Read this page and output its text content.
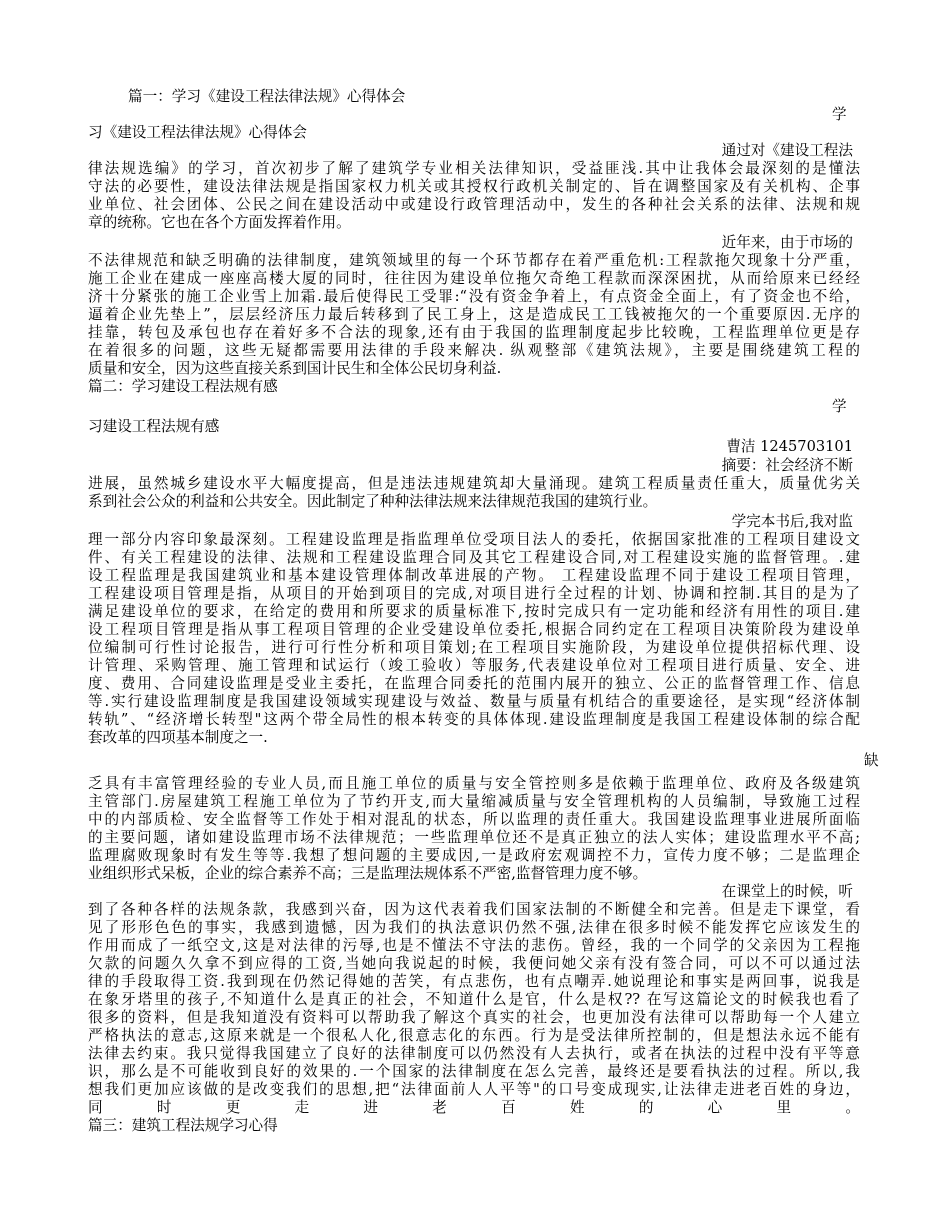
篇一：学习《建设工程法律法规》心得体会
学
习《建设工程法律法规》心得体会
通过对《建设工程法
律法规选编》的学习，首次初步了解了建筑学专业相关法律知识，受益匪浅.其中让我体会最深刻的是懂法
守法的必要性，建设法律法规是指国家权力机关或其授权行政机关制定的、旨在调整国家及有关机构、企事
业单位、社会团体、公民之间在建设活动中或建设行政管理活动中，发生的各种社会关系的法律、法规和规
章的统称。它也在各个方面发挥着作用。
近年来，由于市场的
不法律规范和缺乏明确的法律制度，建筑领域里的每一个环节都存在着严重危机:工程款拖欠现象十分严重，
施工企业在建成一座座高楼大厦的同时，往往因为建设单位拖欠奇绝工程款而深深困扰，从而给原来已经经
济十分紧张的施工企业雪上加霜.最后使得民工受罪:“没有资金争着上，有点资金全面上，有了资金也不给，
逼着企业先垫上”，层层经济压力最后转移到了民工身上，这是造成民工工钱被拖欠的一个重要原因.无序的
挂靠，转包及承包也存在着好多不合法的现象,还有由于我国的监理制度起步比较晚，工程监理单位更是存
在着很多的问题，这些无疑都需要用法律的手段来解决. 纵观整部《建筑法规》，主要是围绕建筑工程的
质量和安全，因为这些直接关系到国计民生和全体公民切身利益.
篇二：学习建设工程法规有感
学
习建设工程法规有感
曹洁 1245703101
摘要：社会经济不断
进展，虽然城乡建设水平大幅度提高，但是违法违规建筑却大量涌现。建筑工程质量责任重大，质量优劣关
系到社会公众的利益和公共安全。因此制定了种种法律法规来法律规范我国的建筑行业。
学完本书后,我对监
理一部分内容印象最深刻。工程建设监理是指监理单位受项目法人的委托，依据国家批准的工程项目建设文
件、有关工程建设的法律、法规和工程建设监理合同及其它工程建设合同,对工程建设实施的监督管理。.建
设工程监理是我国建筑业和基本建设管理体制改革进展的产物。 工程建设监理不同于建设工程项目管理，
工程建设项目管理是指，从项目的开始到项目的完成,对项目进行全过程的计划、协调和控制.其目的是为了
满足建设单位的要求，在给定的费用和所要求的质量标准下,按时完成只有一定功能和经济有用性的项目.建
设工程项目管理是指从事工程项目管理的企业受建设单位委托,根据合同约定在工程项目决策阶段为建设单
位编制可行性讨论报告，进行可行性分析和项目策划;在工程项目实施阶段，为建设单位提供招标代理、设
计管理、采购管理、施工管理和试运行（竣工验收）等服务,代表建设单位对工程项目进行质量、安全、进
度、费用、合同建设监理是受业主委托，在监理合同委托的范围内展开的独立、公正的监督管理工作、信息
等.实行建设监理制度是我国建设领域实现建设与效益、数量与质量有机结合的重要途径，是实现“经济体制
转轨”、“经济增长转型"这两个带全局性的根本转变的具体体现.建设监理制度是我国工程建设体制的综合配
套改革的四项基本制度之一.
缺
乏具有丰富管理经验的专业人员,而且施工单位的质量与安全管控则多是依赖于监理单位、政府及各级建筑
主管部门.房屋建筑工程施工单位为了节约开支,而大量缩减质量与安全管理机构的人员编制，导致施工过程
中的内部质检、安全监督等工作处于相对混乱的状态，所以监理的责任重大。我国建设监理事业进展所面临
的主要问题，诸如建设监理市场不法律规范；一些监理单位还不是真正独立的法人实体；建设监理水平不高;
监理腐败现象时有发生等等.我想了想问题的主要成因,一是政府宏观调控不力，宣传力度不够；二是监理企
业组织形式呆板，企业的综合素养不高；三是监理法规体系不严密,监督管理力度不够。
在课堂上的时候，听
到了各种各样的法规条款，我感到兴奋，因为这代表着我们国家法制的不断健全和完善。但是走下课堂，看
见了形形色色的事实，我感到遗憾，因为我们的执法意识仍然不强,法律在很多时候不能发挥它应该发生的
作用而成了一纸空文,这是对法律的污辱,也是不懂法不守法的悲伤。曾经，我的一个同学的父亲因为工程拖
欠款的问题久久拿不到应得的工资,当她向我说起的时候，我便问她父亲有没有签合同，可以不可以通过法
律的手段取得工资.我到现在仍然记得她的苦笑，有点悲伤，也有点嘲弄.她说理论和事实是两回事，说我是
在象牙塔里的孩子,不知道什么是真正的社会，不知道什么是官，什么是权?? 在写这篇论文的时候我也看了
很多的资料，但是我知道没有资料可以帮助我了解这个真实的社会，也更加没有法律可以帮助每一个人建立
严格执法的意志,这原来就是一个很私人化,很意志化的东西。行为是受法律所控制的，但是想法永远不能有
法律去约束。我只觉得我国建立了良好的法律制度可以仍然没有人去执行，或者在执法的过程中没有平等意
识，那么是不可能收到良好的效果的.一个国家的法律制度在怎么完善，最终还是要看执法的过程。所以,我
想我们更加应该做的是改变我们的思想,把“法律面前人人平等"的口号变成现实,让法律走进老百姓的身边，
同时更走进老百姓的心里。
篇三：建筑工程法规学习心得
